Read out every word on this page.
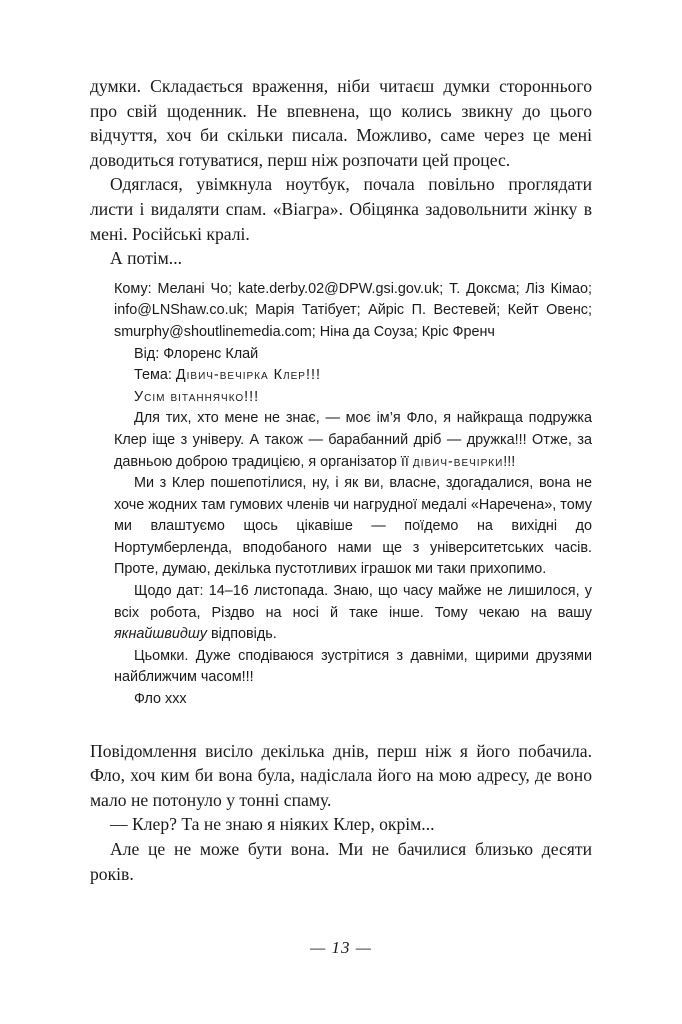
думки. Складається враження, ніби читаєш думки стороннього про свій щоденник. Не впевнена, що колись звикну до цього відчуття, хоч би скільки писала. Можливо, саме через це мені доводиться готуватися, перш ніж розпочати цей процес.

Одяглася, увімкнула ноутбук, почала повільно проглядати листи і видаляти спам. «Віагра». Обіцянка задовольнити жінку в мені. Російські кралі.

А потім...

Кому: Мелані Чо; kate.derby.02@DPW.gsi.gov.uk; Т. Доксма; Ліз Кімао; info@LNShaw.co.uk; Марія Татібует; Айріс П. Вестевей; Кейт Овенс; smurphy@shoutlinemedia.com; Ніна да Соуза; Кріс Френч

Від: Флоренс Клай

Тема: Дівич-вечірка Клер!!!

Усім вітаннячко!!!

Для тих, хто мене не знає, — моє ім’я Фло, я найкраща подружка Клер іще з універу. А також — барабанний дріб — дружка!!! Отже, за давньою доброю традицією, я організатор її дівич-вечірки!!!

Ми з Клер пошепотілися, ну, і як ви, власне, здогадалися, вона не хоче жодних там гумових членів чи нагрудної медалі «Наречена», тому ми влаштуємо щось цікавіше — поїдемо на вихідні до Нортумберленда, вподобаного нами ще з університетських часів. Проте, думаю, декілька пустотливих іграшок ми таки прихопимо.

Щодо дат: 14–16 листопада. Знаю, що часу майже не лишилося, у всіх робота, Різдво на носі й таке інше. Тому чекаю на вашу якнайшвидшу відповідь.

Цьомки. Дуже сподіваюся зустрітися з давніми, щирими друзями найближчим часом!!!

Фло ххх

Повідомлення висіло декілька днів, перш ніж я його побачила. Фло, хоч ким би вона була, надіслала його на мою адресу, де воно мало не потонуло у тонні спаму.

— Клер? Та не знаю я ніяких Клер, окрім...

Але це не може бути вона. Ми не бачилися близько десяти років.

— 13 —
